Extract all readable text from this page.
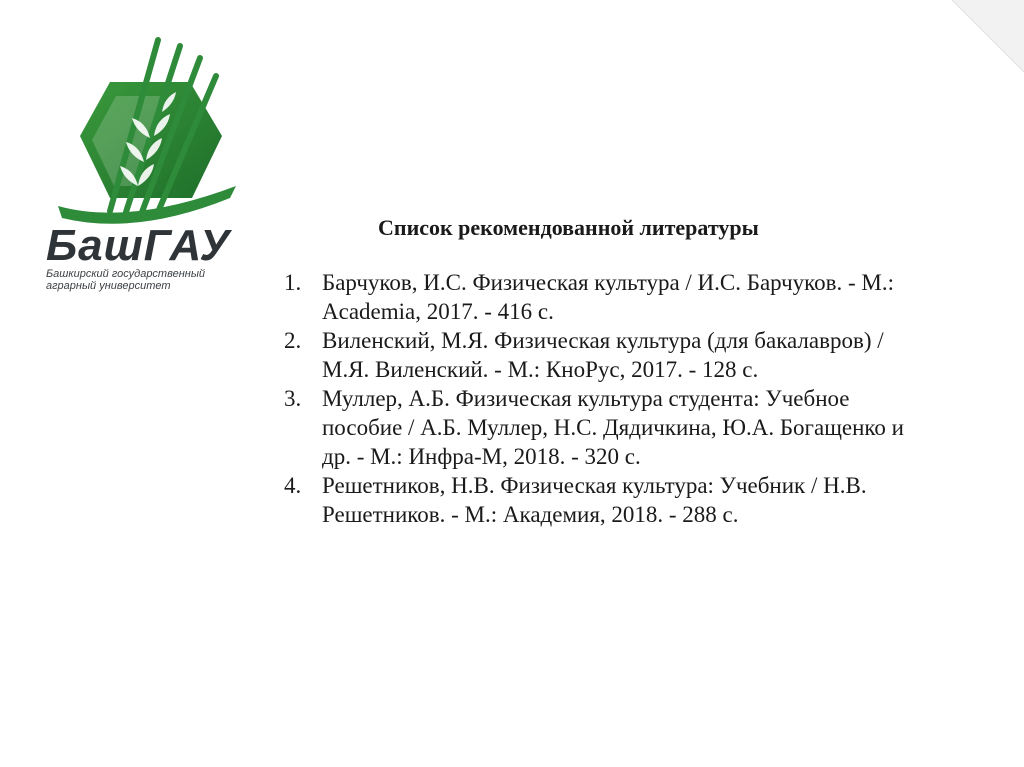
БашГАУ
Башкирский государственный
аграрный университет
Список рекомендованной литературы
1. Барчуков, И.С. Физическая культура / И.С. Барчуков. - М.: Academia, 2017. - 416 с.
2. Виленский, М.Я. Физическая культура (для бакалавров) / М.Я. Виленский. - М.: КноРус, 2017. - 128 с.
3. Муллер, А.Б. Физическая культура студента: Учебное пособие / А.Б. Муллер, Н.С. Дядичкина, Ю.А. Богащенко и др. - М.: Инфра-М, 2018. - 320 с.
4. Решетников, Н.В. Физическая культура: Учебник / Н.В. Решетников. - М.: Академия, 2018. - 288 с.
